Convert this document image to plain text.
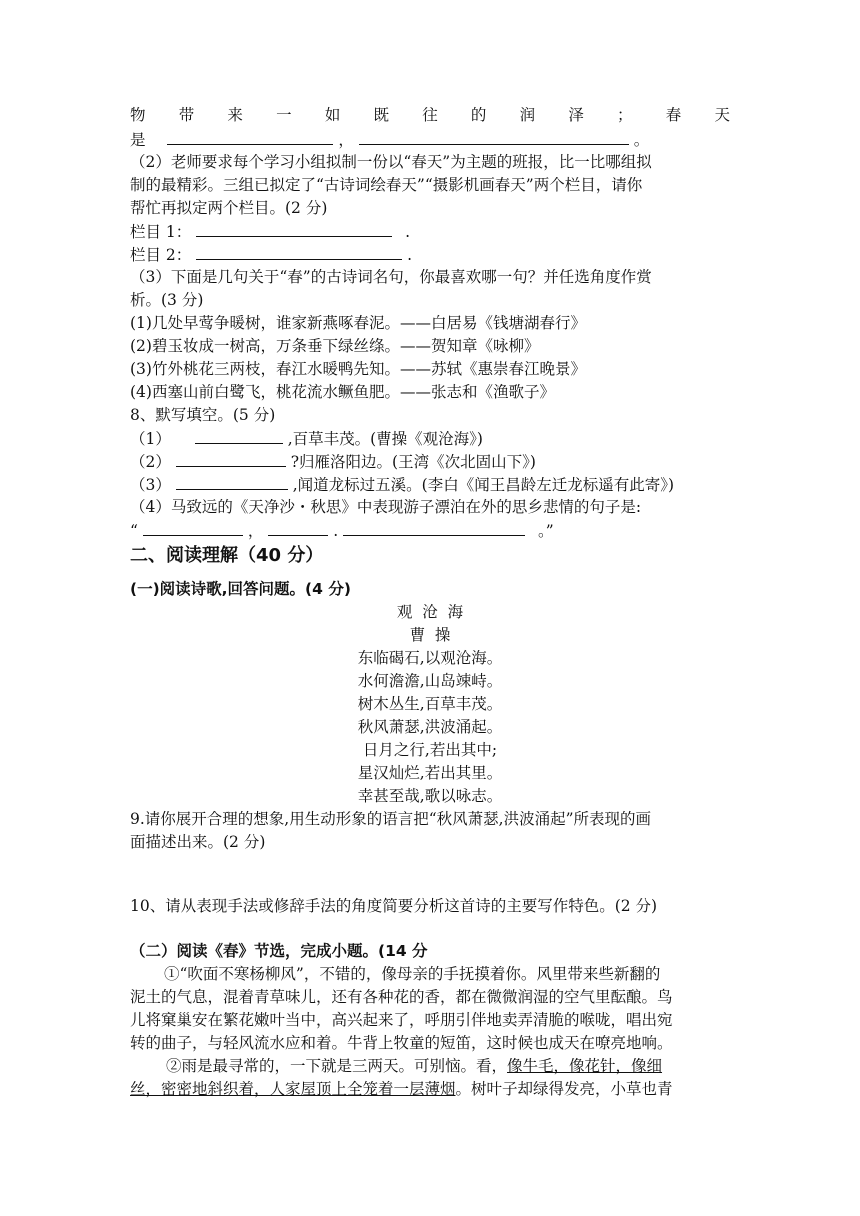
物 带 来 一 如 既 往 的 润 泽 ； 春 天
是	，	。
（2）老师要求每个学习小组拟制一份以“春天”为主题的班报，比一比哪组拟
制的最精彩。三组已拟定了“古诗词绘春天”“摄影机画春天”两个栏目，请你
帮忙再拟定两个栏目。(2 分)
栏目 1：	.
栏目 2：	.
（3）下面是几句关于“春”的古诗词名句，你最喜欢哪一句？并任选角度作赏
析。(3 分)
(1)几处早莺争暖树，谁家新燕啄春泥。——白居易《钱塘湖春行》
(2)碧玉妆成一树高，万条垂下绿丝绦。——贺知章《咏柳》
(3)竹外桃花三两枝，春江水暖鸭先知。——苏轼《惠崇春江晚景》
(4)西塞山前白鹭飞，桃花流水鳜鱼肥。——张志和《渔歌子》
8、默写填空。(5 分)
（1）	,百草丰茂。(曹操《观沧海》)
（2）	?归雁洛阳边。(王湾《次北固山下》)
（3）	,闻道龙标过五溪。(李白《闻王昌龄左迁龙标遥有此寄》)
（4）马致远的《天净沙・秋思》中表现游子漂泊在外的思乡悲情的句子是:
“	，	.	。”
二、阅读理解（40 分）
(一)阅读诗歌,回答问题。(4 分)
观  沧  海
曹  操
东临碣石,以观沧海。
水何澹澹,山岛竦峙。
树木丛生,百草丰茂。
秋风萧瑟,洪波涌起。
日月之行,若出其中;
星汉灿烂,若出其里。
幸甚至哉,歌以咏志。
9.请你展开合理的想象,用生动形象的语言把“秋风萧瑟,洪波涌起”所表现的画
面描述出来。(2 分)
10、请从表现手法或修辞手法的角度简要分析这首诗的主要写作特色。(2 分)
（二）阅读《春》节选，完成小题。(14 分
①“吹面不寒杨柳风”，不错的，像母亲的手抚摸着你。风里带来些新翻的
泥土的气息，混着青草味儿，还有各种花的香，都在微微润湿的空气里酝酿。鸟
儿将窠巢安在繁花嫩叶当中，高兴起来了，呼朋引伴地卖弄清脆的喉咙，唱出宛
转的曲子，与轻风流水应和着。牛背上牧童的短笛，这时候也成天在嘹亮地响。
②雨是最寻常的，一下就是三两天。可别恼。看，像牛毛，像花针，像细
丝，密密地斜织着，人家屋顶上全笼着一层薄烟。树叶子却绿得发亮，小草也青
